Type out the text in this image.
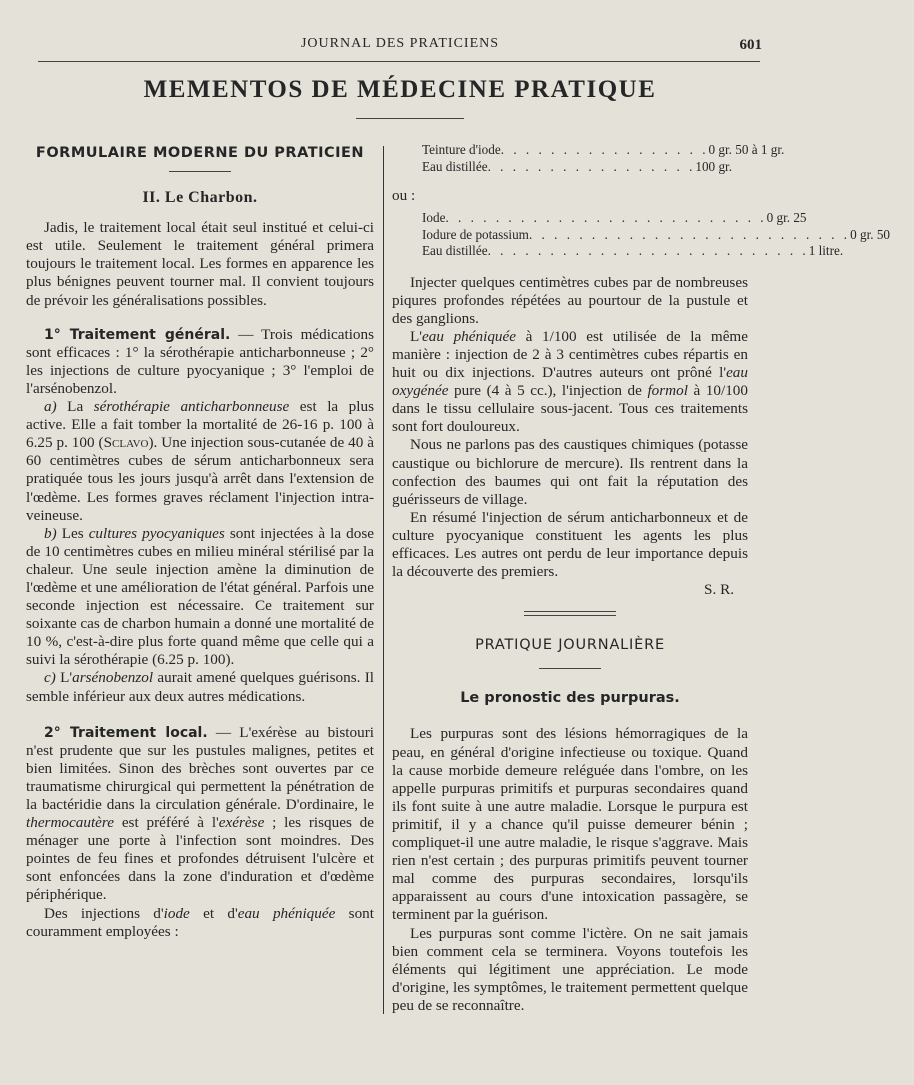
JOURNAL DES PRATICIENS	601
MEMENTOS DE MÉDECINE PRATIQUE
FORMULAIRE MODERNE DU PRATICIEN
II. Le Charbon.

Jadis, le traitement local était seul institué et celui-ci est utile. Seulement le traitement général primera toujours le traitement local. Les formes en apparence les plus bénignes peuvent tourner mal. Il convient toujours de prévoir les généralisations possibles.

1° Traitement général. — Trois médications sont efficaces : 1° la sérothérapie anticharbonneuse ; 2° les injections de culture pyocyanique ; 3° l'emploi de l'arsénobenzol.

a) La sérothérapie anticharbonneuse est la plus active. Elle a fait tomber la mortalité de 26-16 p. 100 à 6.25 p. 100 (Sclavo). Une injection sous-cutanée de 40 à 60 centimètres cubes de sérum anticharbonneux sera pratiquée tous les jours jusqu'à arrêt dans l'extension de l'œdème. Les formes graves réclament l'injection intra-veineuse.

b) Les cultures pyocyaniques sont injectées à la dose de 10 centimètres cubes en milieu minéral stérilisé par la chaleur. Une seule injection amène la diminution de l'œdème et une amélioration de l'état général. Parfois une seconde injection est nécessaire. Ce traitement sur soixante cas de charbon humain a donné une mortalité de 10 %, c'est-à-dire plus forte quand même que celle qui a suivi la sérothérapie (6.25 p. 100).

c) L'arsénobenzol aurait amené quelques guérisons. Il semble inférieur aux deux autres médications.

2° Traitement local. — L'exérèse au bistouri n'est prudente que sur les pustules malignes, petites et bien limitées. Sinon des brèches sont ouvertes par ce traumatisme chirurgical qui permettent la pénétration de la bactéridie dans la circulation générale. D'ordinaire, le thermocautère est préféré à l'exérèse ; les risques de ménager une porte à l'infection sont moindres. Des pointes de feu fines et profondes détruisent l'ulcère et sont enfoncées dans la zone d'induration et d'œdème périphérique.

Des injections d'iode et d'eau phéniquée sont couramment employées :

Teinture d'iode . . . . . . . . . . . . . . . . . 0 gr. 50 à 1 gr.
Eau distillée . . . . . . . . . . . . . . . . . 100 gr.

ou :

Iode . . . . . . . . . . . . . . . . . . . . . . . . . . 0 gr. 25
Iodure de potassium . . . . . . . . . . . . . . . . . . . . . . . . . . 0 gr. 50
Eau distillée . . . . . . . . . . . . . . . . . . . . . . . . . . 1 litre.

Injecter quelques centimètres cubes par de nombreuses piqures profondes répétées au pourtour de la pustule et des ganglions.

L'eau phéniquée à 1/100 est utilisée de la même manière : injection de 2 à 3 centimètres cubes répartis en huit ou dix injections. D'autres auteurs ont prôné l'eau oxygénée pure (4 à 5 cc.), l'injection de formol à 10/100 dans le tissu cellulaire sous-jacent. Tous ces traitements sont fort douloureux.

Nous ne parlons pas des caustiques chimiques (potasse caustique ou bichlorure de mercure). Ils rentrent dans la confection des baumes qui ont fait la réputation des guérisseurs de village.

En résumé l'injection de sérum anticharbonneux et de culture pyocyanique constituent les agents les plus efficaces. Les autres ont perdu de leur importance depuis la découverte des premiers.

S. R.

PRATIQUE JOURNALIÈRE
Le pronostic des purpuras.

Les purpuras sont des lésions hémorragiques de la peau, en général d'origine infectieuse ou toxique. Quand la cause morbide demeure reléguée dans l'ombre, on les appelle purpuras primitifs et purpuras secondaires quand ils font suite à une autre maladie. Lorsque le purpura est primitif, il y a chance qu'il puisse demeurer bénin ; compliquet-il une autre maladie, le risque s'aggrave. Mais rien n'est certain ; des purpuras primitifs peuvent tourner mal comme des purpuras secondaires, lorsqu'ils apparaissent au cours d'une intoxication passagère, se terminent par la guérison.

Les purpuras sont comme l'ictère. On ne sait jamais bien comment cela se terminera. Voyons toutefois les éléments qui légitiment une appréciation. Le mode d'origine, les symptômes, le traitement permettent quelque peu de se reconnaître.
